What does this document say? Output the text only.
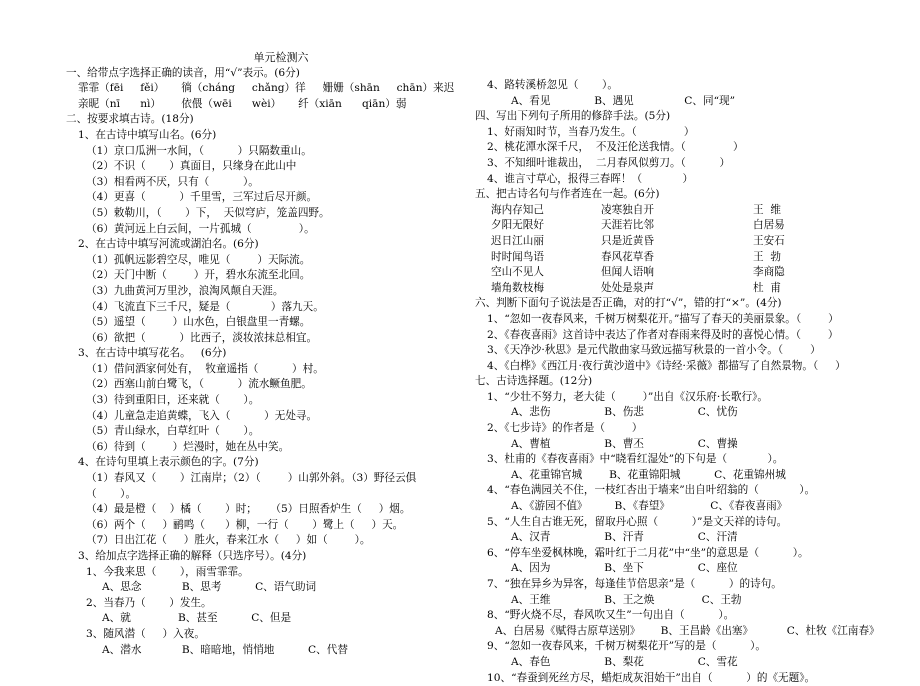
单元检测六
一、给带点字选择正确的读音，用“√”表示。(6分)
霏霏（fēi     fěi）     徜（cháng     chǎng）徉     姗姗（shān     chān）来迟
亲昵（nī      nì）      依偎（wēi      wèi）     纤（xiān      qiān）弱
二、按要求填古诗。(18分)
1、在古诗中填写山名。(6分)
（1）京口瓜洲一水间，（          ）只隔数重山。
（2）不识（       ）真面目，只缘身在此山中
（3）相看两不厌，只有（          ）。
（4）更喜（          ）千里雪，三军过后尽开颜。
（5）敕勒川，（       ）下，  天似穹庐，笼盖四野。
（6）黄河远上白云间，一片孤城（              ）。
2、在古诗中填写河流或湖泊名。(6分)
（1）孤帆远影碧空尽，唯见（        ）天际流。
（2）天门中断（        ）开，碧水东流至北回。
（3）九曲黄河万里沙，浪淘风颠自天涯。
（4）飞流直下三千尺，疑是（            ）落九天。
（5）遥望（        ）山水色，白银盘里一青螺。
（6）欲把（          ）比西子，淡妆浓抹总相宜。
3、在古诗中填写花名。   (6分)
（1）借问酒家何处有，  牧童遥指（          ）村。
（2）西塞山前白鹭飞，（          ）流水鳜鱼肥。
（3）待到重阳日，还来就（       ）。
（4）儿童急走追黄蝶，飞入（          ）无处寻。
（5）青山绿水，白草红叶（       ）。
（6）待到（        ）烂漫时，她在丛中笑。
4、在诗句里填上表示颜色的字。(7分)
（1）春风又（       ）江南岸；（2）（        ）山郭外斜。（3）野径云俱
（       ）。
（4）最是橙（    ）橘（       ）时；    （5）日照香炉生（     ）烟。
（6）两个（     ）鹂鸣（      ）柳，一行（       ）鹭上（     ）天。
（7）日出江花（     ）胜火，春来江水（     ）如（        ）。
3、给加点字选择正确的解释（只选序号）。(4分)
1、今我来思（       ），雨雪霏霏。
A、思念            B、思考          C、语气助词
2、当春乃（       ）发生。
A、就              B、甚至          C、但是
3、随风潜（     ）入夜。
A、潜水            B、暗暗地，悄悄地          C、代替
4、路转溪桥忽见（       ）。
A、看见             B、遇见               C、同“现”
四、写出下列句子所用的修辞手法。(5分)
1、好雨知时节，当春乃发生。（              ）
2、桃花潭水深千尺，  不及汪伦送我情。（              ）
3、不知细叶谁裁出，  二月春风似剪刀。（          ）
4、谁言寸草心，报得三春晖！（            ）
五、把古诗名句与作者连在一起。(6分)
海内存知己	凌寒独自开	王  维
夕阳无限好	天涯若比邻	白居易
迟日江山丽	只是近黄昏	王安石
时时闻鸟语	春风花草香	王  勃
空山不见人	但闻人语响	李商隐
墙角数枝梅	处处是泉声	杜  甫
六、判断下面句子说法是否正确，对的打“√”，错的打“×”。(4分)
1、“忽如一夜春风来，千树万树梨花开。”描写了春天的美丽景象。（        ）
2、《春夜喜雨》这首诗中表达了作者对春雨来得及时的喜悦心情。（        ）
3、《天净沙·秋思》是元代散曲家马致远描写秋景的一首小令。（        ）
4、《白桦》《西江月·夜行黄沙道中》《诗经·采薇》都描写了自然景物。（     ）
七、古诗选择题。(12分)
1、“少壮不努力，老大徒（        ）”出自《汉乐府·长歌行》。
A、悲伤                B、伤悲                C、忧伤
2、《七步诗》的作者是（        ）
A、曹植                B、曹丕                C、曹操
3、杜甫的《春夜喜雨》中“晓看红湿处”的下句是（            ）。
A、花重锦官城        B、花重锦阳城          C、花重锦州城
4、“春色满园关不住，一枝红杏出于墙来”出自叶绍翁的（            ）。
A、《游园不值》        B、《春望》            C、《春夜喜雨》
5、“人生自古谁无死，留取丹心照（          ）”是文天祥的诗句。
A、汉青                B、汗青                C、汗清
6、“停车坐爱枫林晚，霜叶红于二月花”中“坐”的意思是（          ）。
A、因为                B、坐下                C、座位
7、“独在异乡为异客，每逢佳节倍思亲”是（          ）的诗句。
A、王维                B、王之焕              C、王勃
8、“野火烧不尽，春风吹又生”一句出自（          ）。
A、白居易《赋得古原草送别》      B、王昌龄《出塞》          C、杜牧《江南春》
9、“忽如一夜春风来，千树万树梨花开”写的是（          ）。
A、春色                B、梨花                C、雪花
10、“春蚕到死丝方尽，蜡炬成灰泪始干”出自（          ）的《无题》。
